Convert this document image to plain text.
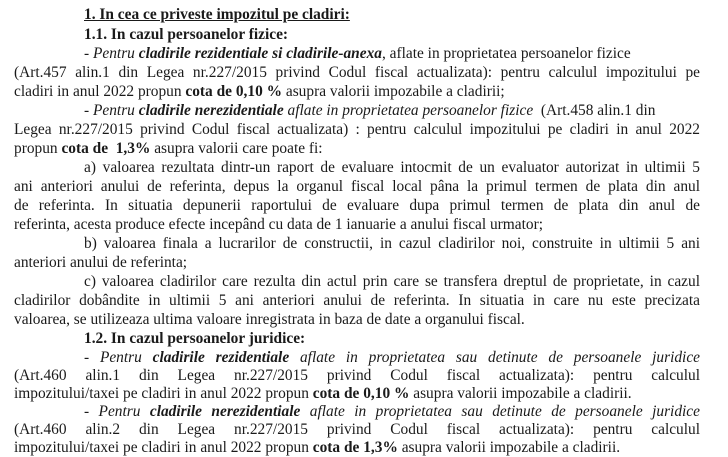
1. In cea ce priveste impozitul pe cladiri:
1.1. In cazul persoanelor fizice:
- Pentru cladirile rezidentiale si cladirile-anexa, aflate in proprietatea persoanelor fizice
(Art.457 alin.1 din Legea nr.227/2015 privind Codul fiscal actualizata): pentru calculul impozitului pe
cladiri in anul 2022 propun cota de 0,10 % asupra valorii impozabile a cladirii;
- Pentru cladirile nerezidentiale aflate in proprietatea persoanelor fizice  (Art.458 alin.1 din
Legea nr.227/2015 privind Codul fiscal actualizata) : pentru calculul impozitului pe cladiri in anul 2022
propun cota de  1,3% asupra valorii care poate fi:
a) valoarea rezultata dintr-un raport de evaluare intocmit de un evaluator autorizat in ultimii 5
ani anteriori anului de referinta, depus la organul fiscal local pâna la primul termen de plata din anul
de referinta. In situatia depunerii raportului de evaluare dupa primul termen de plata din anul de
referinta, acesta produce efecte incepând cu data de 1 ianuarie a anului fiscal urmator;
b) valoarea finala a lucrarilor de constructii, in cazul cladirilor noi, construite in ultimii 5 ani
anteriori anului de referinta;
c) valoarea cladirilor care rezulta din actul prin care se transfera dreptul de proprietate, in cazul
cladirilor dobândite in ultimii 5 ani anteriori anului de referinta. In situatia in care nu este precizata
valoarea, se utilizeaza ultima valoare inregistrata in baza de date a organului fiscal.
1.2. In cazul persoanelor juridice:
- Pentru cladirile rezidentiale aflate in proprietatea sau detinute de persoanele juridice
(Art.460 alin.1 din Legea nr.227/2015 privind Codul fiscal actualizata): pentru calculul
impozitului/taxei pe cladiri in anul 2022 propun cota de 0,10 % asupra valorii impozabile a cladirii.
- Pentru cladirile nerezidentiale aflate in proprietatea sau detinute de persoanele juridice
(Art.460 alin.2 din Legea nr.227/2015 privind Codul fiscal actualizata): pentru calculul
impozitului/taxei pe cladiri in anul 2022 propun cota de 1,3% asupra valorii impozabile a cladirii.
